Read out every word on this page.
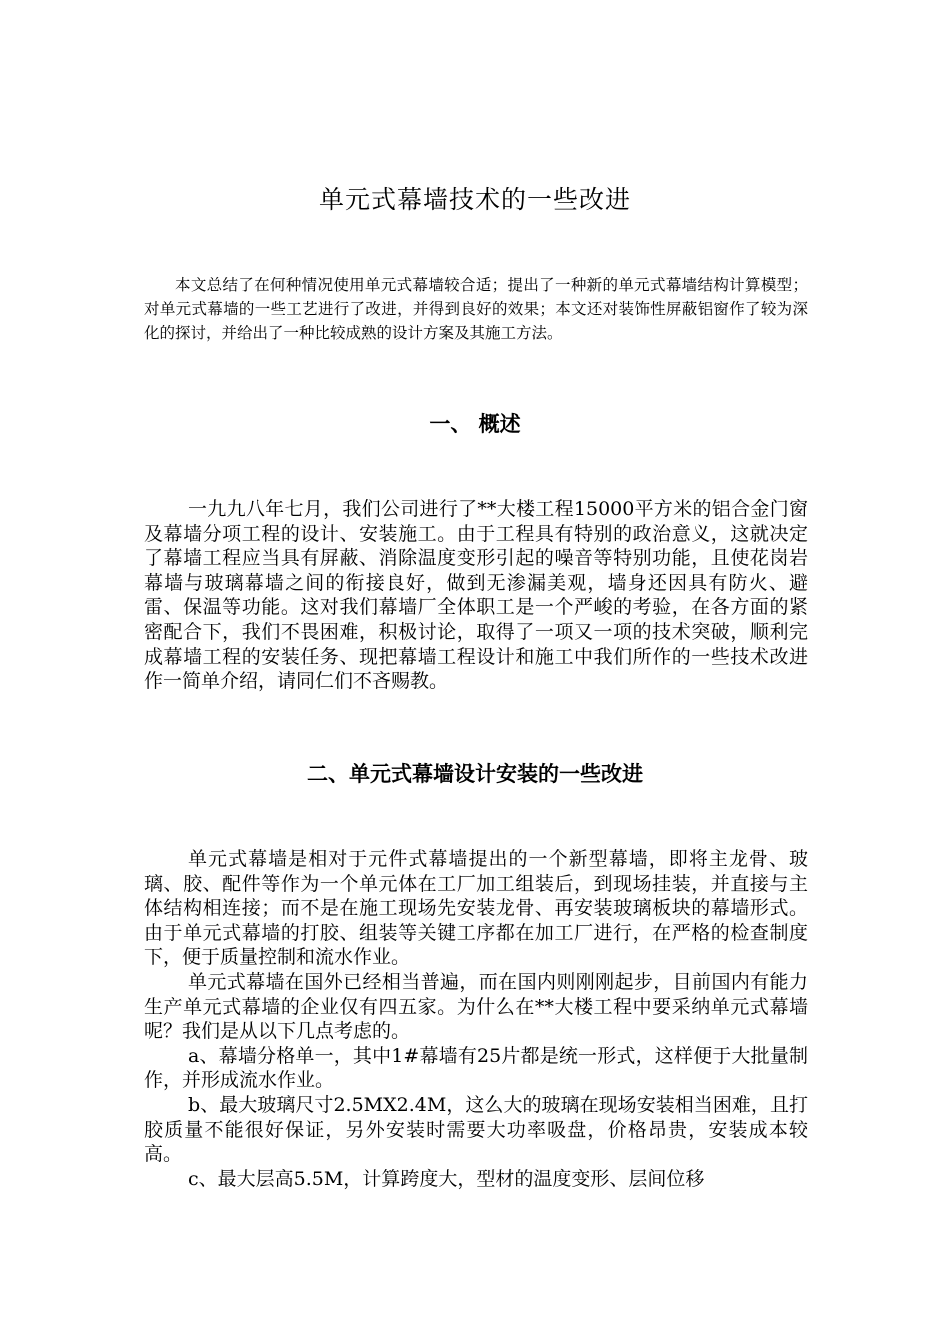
单元式幕墙技术的一些改进

本文总结了在何种情况使用单元式幕墙较合适；提出了一种新的单元式幕墙结构计算模型；对单元式幕墙的一些工艺进行了改进，并得到良好的效果；本文还对装饰性屏蔽铝窗作了较为深化的探讨，并给出了一种比较成熟的设计方案及其施工方法。

一、 概述

一九九八年七月，我们公司进行了**大楼工程15000平方米的铝合金门窗及幕墙分项工程的设计、安装施工。由于工程具有特别的政治意义，这就决定了幕墙工程应当具有屏蔽、消除温度变形引起的噪音等特别功能，且使花岗岩幕墙与玻璃幕墙之间的衔接良好，做到无渗漏美观，墙身还因具有防火、避雷、保温等功能。这对我们幕墙厂全体职工是一个严峻的考验，在各方面的紧密配合下，我们不畏困难，积极讨论，取得了一项又一项的技术突破，顺利完成幕墙工程的安装任务、现把幕墙工程设计和施工中我们所作的一些技术改进作一简单介绍，请同仁们不吝赐教。

二、单元式幕墙设计安装的一些改进

单元式幕墙是相对于元件式幕墙提出的一个新型幕墙，即将主龙骨、玻璃、胶、配件等作为一个单元体在工厂加工组装后，到现场挂装，并直接与主体结构相连接；而不是在施工现场先安装龙骨、再安装玻璃板块的幕墙形式。由于单元式幕墙的打胶、组装等关键工序都在加工厂进行，在严格的检查制度下，便于质量控制和流水作业。

单元式幕墙在国外已经相当普遍，而在国内则刚刚起步，目前国内有能力生产单元式幕墙的企业仅有四五家。为什么在**大楼工程中要采纳单元式幕墙呢？我们是从以下几点考虑的。

a、幕墙分格单一，其中1#幕墙有25片都是统一形式，这样便于大批量制作，并形成流水作业。

b、最大玻璃尺寸2.5MX2.4M，这么大的玻璃在现场安装相当困难，且打胶质量不能很好保证，另外安装时需要大功率吸盘，价格昂贵，安装成本较高。

c、最大层高5.5M，计算跨度大，型材的温度变形、层间位移
